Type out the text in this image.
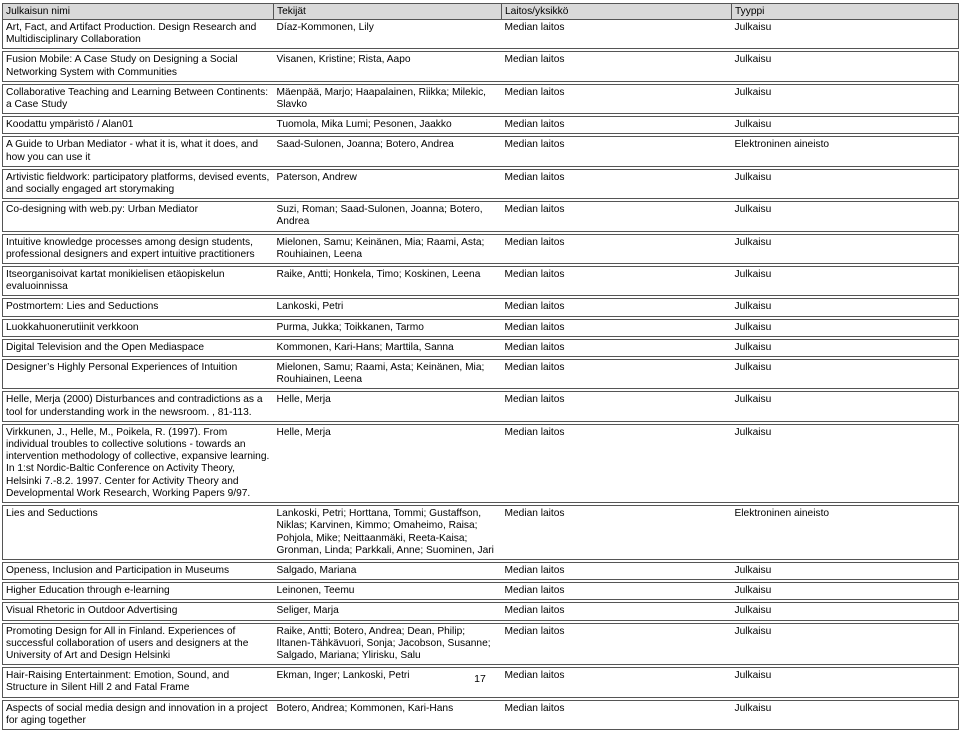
Julkaisun nimi	Tekijät	Laitos/yksikkö	Tyyppi
Art, Fact, and Artifact Production. Design Research and Multidisciplinary Collaboration	Díaz-Kommonen, Lily	Median laitos	Julkaisu

Fusion Mobile: A Case Study on Designing a Social Networking System with Communities	Visanen, Kristine; Rista, Aapo	Median laitos	Julkaisu

Collaborative Teaching and Learning Between Continents: a Case Study	Mäenpää, Marjo; Haapalainen, Riikka; Milekic, Slavko	Median laitos	Julkaisu

Koodattu ympäristö / Alan01	Tuomola, Mika Lumi; Pesonen, Jaakko	Median laitos	Julkaisu

A Guide to Urban Mediator - what it is, what it does, and how you can use it	Saad-Sulonen, Joanna; Botero, Andrea	Median laitos	Elektroninen aineisto

Artivistic fieldwork: participatory platforms, devised events, and socially engaged art storymaking	Paterson, Andrew	Median laitos	Julkaisu

Co-designing with web.py: Urban Mediator	Suzi, Roman; Saad-Sulonen, Joanna; Botero, Andrea	Median laitos	Julkaisu

Intuitive knowledge processes among design students, professional designers and expert intuitive practitioners	Mielonen, Samu; Keinänen, Mia; Raami, Asta; Rouhiainen, Leena	Median laitos	Julkaisu

Itseorganisoivat kartat monikielisen etäopiskelun evaluoinnissa	Raike, Antti; Honkela, Timo; Koskinen, Leena	Median laitos	Julkaisu

Postmortem: Lies and Seductions	Lankoski, Petri	Median laitos	Julkaisu

Luokkahuonerutiinit verkkoon	Purma, Jukka; Toikkanen, Tarmo	Median laitos	Julkaisu

Digital Television and the Open Mediaspace	Kommonen, Kari-Hans; Marttila, Sanna	Median laitos	Julkaisu

Designer’s Highly Personal Experiences of Intuition	Mielonen, Samu; Raami, Asta; Keinänen, Mia; Rouhiainen, Leena	Median laitos	Julkaisu

Helle, Merja (2000) Disturbances and contradictions as a tool for understanding work in the newsroom. , 81-113.	Helle, Merja	Median laitos	Julkaisu

Virkkunen, J., Helle, M., Poikela, R. (1997). From individual troubles to collective solutions - towards an intervention methodology of collective, expansive learning. In 1:st Nordic-Baltic Conference on Activity Theory, Helsinki 7.-8.2. 1997. Center for Activity Theory and Developmental Work Research, Working Papers 9/97.	Helle, Merja	Median laitos	Julkaisu

Lies and Seductions	Lankoski, Petri; Horttana, Tommi; Gustaffson, Niklas; Karvinen, Kimmo; Omaheimo, Raisa; Pohjola, Mike; Neittaanmäki, Reeta-Kaisa; Gronman, Linda; Parkkali, Anne; Suominen, Jari	Median laitos	Elektroninen aineisto

Openess, Inclusion and Participation in Museums	Salgado, Mariana	Median laitos	Julkaisu

Higher Education through e-learning	Leinonen, Teemu	Median laitos	Julkaisu

Visual Rhetoric in Outdoor Advertising	Seliger, Marja	Median laitos	Julkaisu

Promoting Design for All in Finland. Experiences of successful collaboration of users and designers at the University of Art and Design Helsinki	Raike, Antti; Botero, Andrea; Dean, Philip; Iltanen-Tähkävuori, Sonja; Jacobson, Susanne; Salgado, Mariana; Ylirisku, Salu	Median laitos	Julkaisu

Hair-Raising Entertainment: Emotion, Sound, and Structure in Silent Hill 2 and Fatal Frame	Ekman, Inger; Lankoski, Petri	Median laitos	Julkaisu

Aspects of social media design and innovation in a project for aging together	Botero, Andrea; Kommonen, Kari-Hans	Median laitos	Julkaisu
17
